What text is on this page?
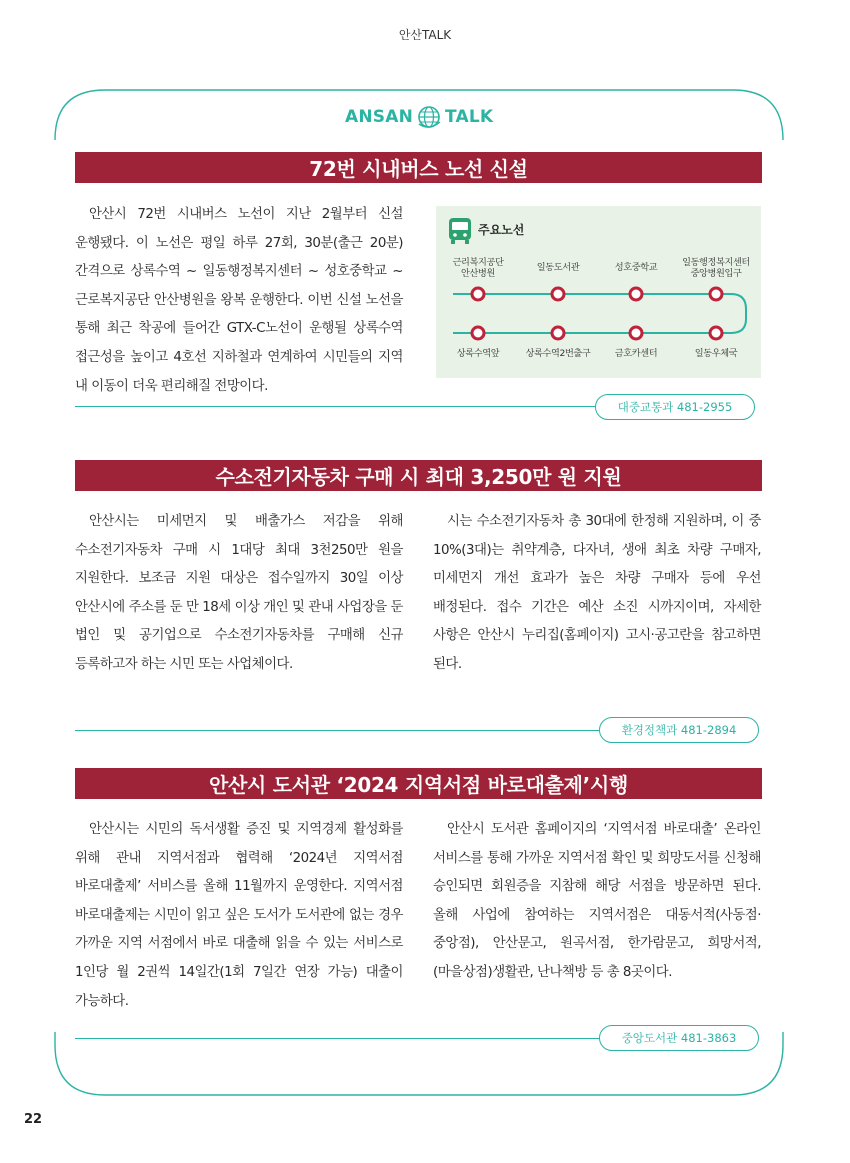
안산TALK
ANSAN TALK
72번 시내버스 노선 신설
안산시 72번 시내버스 노선이 지난 2월부터 신설 운행됐다. 이 노선은 평일 하루 27회, 30분(출근 20분) 간격으로 상록수역 ~ 일동행정복지센터 ~ 성호중학교 ~ 근로복지공단 안산병원을 왕복 운행한다. 이번 신설 노선을 통해 최근 착공에 들어간 GTX-C노선이 운행될 상록수역 접근성을 높이고 4호선 지하철과 연계하여 시민들의 지역 내 이동이 더욱 편리해질 전망이다.
주요노선
근리복지공단
안산병원
일동도서관	성호중학교	일동행정복지센터
중앙병원입구
상록수역앞	상록수역2번출구	금호카센터	일동우체국
대중교통과 481-2955
수소전기자동차 구매 시 최대 3,250만 원 지원
안산시는 미세먼지 및 배출가스 저감을 위해 수소전기자동차 구매 시 1대당 최대 3천250만 원을 지원한다. 보조금 지원 대상은 접수일까지 30일 이상 안산시에 주소를 둔 만 18세 이상 개인 및 관내 사업장을 둔 법인 및 공기업으로 수소전기자동차를 구매해 신규 등록하고자 하는 시민 또는 사업체이다.
시는 수소전기자동차 총 30대에 한정해 지원하며, 이 중 10%(3대)는 취약계층, 다자녀, 생애 최초 차량 구매자, 미세먼지 개선 효과가 높은 차량 구매자 등에 우선 배정된다. 접수 기간은 예산 소진 시까지이며, 자세한 사항은 안산시 누리집(홈페이지) 고시·공고란을 참고하면 된다.
환경정책과 481-2894
안산시 도서관 ‘2024 지역서점 바로대출제’시행
안산시는 시민의 독서생활 증진 및 지역경제 활성화를 위해 관내 지역서점과 협력해 ‘2024년 지역서점 바로대출제’ 서비스를 올해 11월까지 운영한다. 지역서점 바로대출제는 시민이 읽고 싶은 도서가 도서관에 없는 경우 가까운 지역 서점에서 바로 대출해 읽을 수 있는 서비스로 1인당 월 2권씩 14일간(1회 7일간 연장 가능) 대출이 가능하다.
안산시 도서관 홈페이지의 ‘지역서점 바로대출’ 온라인 서비스를 통해 가까운 지역서점 확인 및 희망도서를 신청해 승인되면 회원증을 지참해 해당 서점을 방문하면 된다. 올해 사업에 참여하는 지역서점은 대동서적(사동점·중앙점), 안산문고, 원곡서점, 한가람문고, 희망서적, (마을상점)생활관, 난나책방 등 총 8곳이다.
중앙도서관 481-3863
22
